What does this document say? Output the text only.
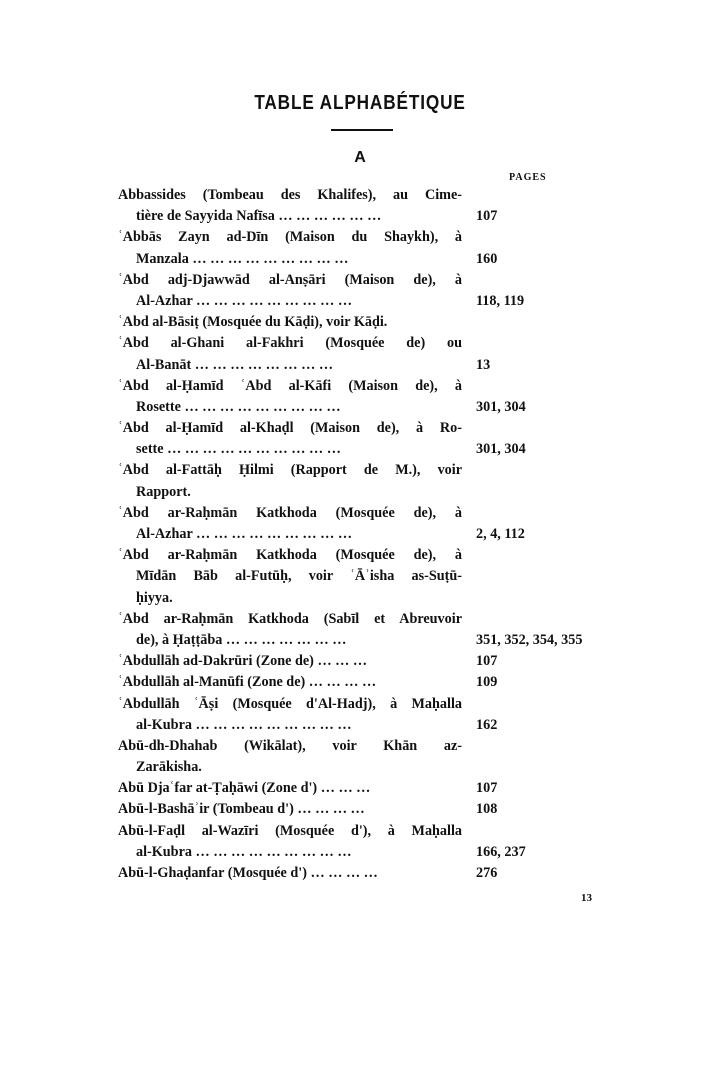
TABLE ALPHABÉTIQUE
A
PAGES
Abbassides (Tombeau des Khalifes), au Cime-
tière de Sayyida Nafīsa … … … … … …	107
ʿAbbās Zayn ad-Dīn (Maison du Shaykh), à
Manzala … … … … … … … … …	160
ʿAbd adj-Djawwād al-Anṣāri (Maison de), à
Al-Azhar … … … … … … … … …	118, 119
ʿAbd al-Bāsiṭ (Mosquée du Kāḍi), voir Kāḍi.
ʿAbd al-Ghani al-Fakhri (Mosquée de) ou
Al-Banāt … … … … … … … …	13
ʿAbd al-Ḥamīd ʿAbd al-Kāfi (Maison de), à
Rosette … … … … … … … … …	301, 304
ʿAbd al-Ḥamīd al-Khaḍl (Maison de), à Ro-
sette … … … … … … … … … …	301, 304
ʿAbd al-Fattāḥ Ḥilmi (Rapport de M.), voir
Rapport.
ʿAbd ar-Raḥmān Katkhoda (Mosquée de), à
Al-Azhar … … … … … … … … …	2, 4, 112
ʿAbd ar-Raḥmān Katkhoda (Mosquée de), à
Mīdān Bāb al-Futūḥ, voir ʿĀʾisha as-Suṭū-
ḥiyya.
ʿAbd ar-Raḥmān Katkhoda (Sabīl et Abreuvoir
de), à Ḥaṭṭāba … … … … … … …	351, 352, 354, 355
ʿAbdullāh ad-Dakrūri (Zone de) … … …	107
ʿAbdullāh al-Manūfi (Zone de) … … … …	109
ʿAbdullāh ʿĀṣi (Mosquée d'Al-Hadj), à Maḥalla
al-Kubra … … … … … … … … …	162
Abū-dh-Dhahab (Wikālat), voir Khān az-
Zarākisha.
Abū Djaʿfar at-Ṭaḥāwi (Zone d') … … …	107
Abū-l-Bashāʾir (Tombeau d') … … … …	108
Abū-l-Faḍl al-Wazīri (Mosquée d'), à Maḥalla
al-Kubra … … … … … … … … …	166, 237
Abū-l-Ghaḍanfar (Mosquée d') … … … …	276
13
